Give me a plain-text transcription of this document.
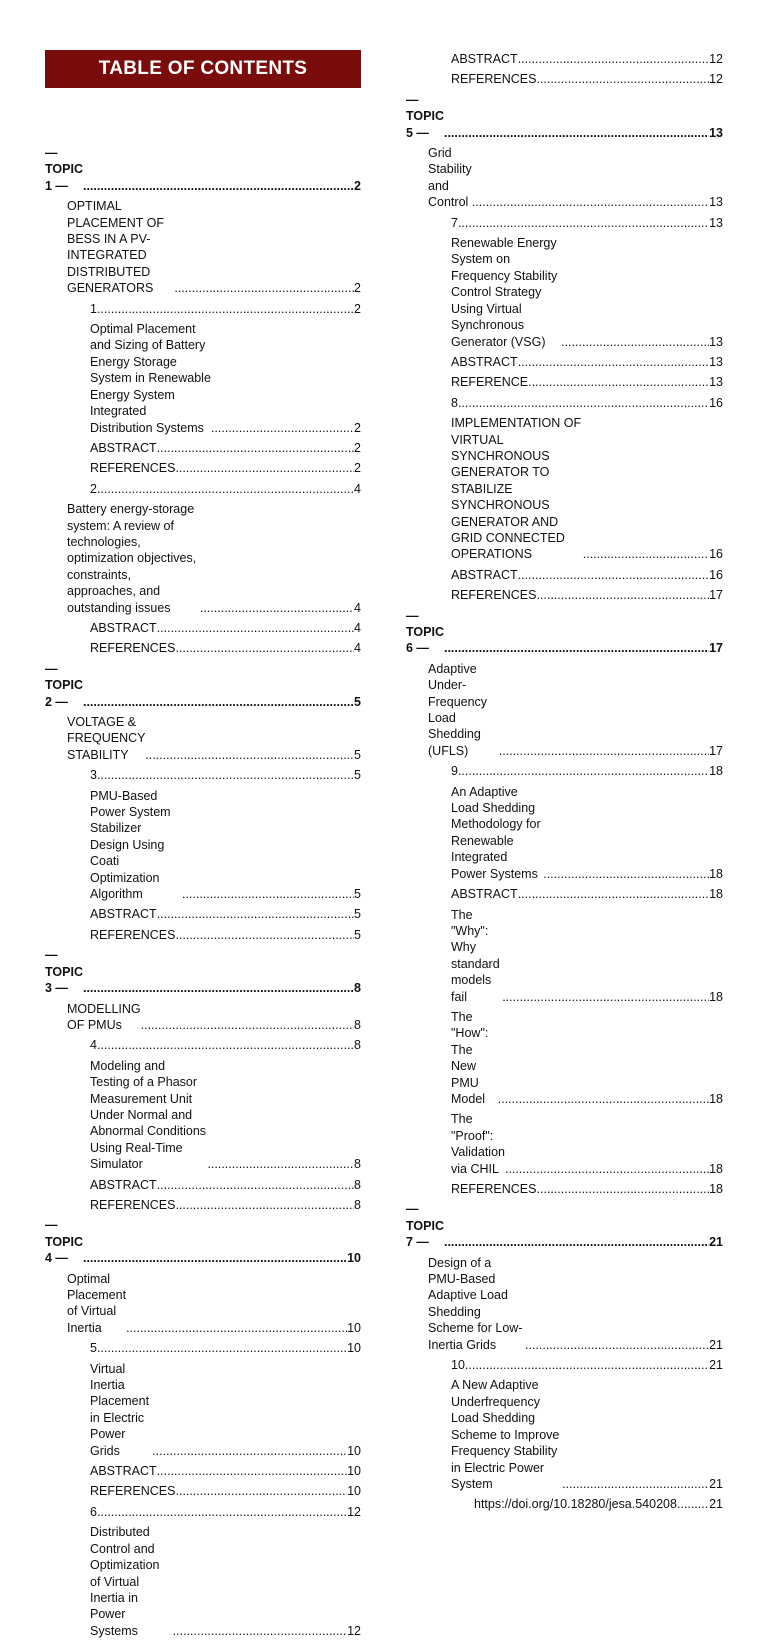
TABLE OF CONTENTS
— TOPIC 1 — .....	2
OPTIMAL PLACEMENT OF BESS IN A PV-INTEGRATED DISTRIBUTED GENERATORS .....	2
1 .....	2
Optimal Placement and Sizing of Battery Energy Storage System in Renewable Energy System Integrated Distribution Systems .....	2
ABSTRACT .....	2
REFERENCES .....	2
2 .....	4
Battery energy-storage system: A review of technologies, optimization objectives, constraints, approaches, and outstanding issues .....	4
ABSTRACT .....	4
REFERENCES .....	4
— TOPIC 2 — .....	5
VOLTAGE & FREQUENCY STABILITY .....	5
3 .....	5
PMU-Based Power System Stabilizer Design Using Coati Optimization Algorithm .....	5
ABSTRACT .....	5
REFERENCES .....	5
— TOPIC 3 — .....	8
MODELLING OF PMUs .....	8
4 .....	8
Modeling and Testing of a Phasor Measurement Unit Under Normal and Abnormal Conditions Using Real-Time Simulator .....	8
ABSTRACT .....	8
REFERENCES .....	8
— TOPIC 4 — .....	10
Optimal Placement of Virtual Inertia .....	10
5 .....	10
Virtual Inertia Placement in Electric Power Grids .....	10
ABSTRACT .....	10
REFERENCES .....	10
6 .....	12
Distributed Control and Optimization of Virtual Inertia in Power Systems .....	12
ABSTRACT .....	12
REFERENCES .....	12
— TOPIC 5 — .....	13
Grid Stability and Control .....	13
7 .....	13
Renewable Energy System on Frequency Stability Control Strategy Using Virtual Synchronous Generator (VSG) .....	13
ABSTRACT .....	13
REFERENCE .....	13
8 .....	16
IMPLEMENTATION OF VIRTUAL SYNCHRONOUS GENERATOR TO STABILIZE SYNCHRONOUS GENERATOR AND GRID CONNECTED OPERATIONS .....	16
ABSTRACT .....	16
REFERENCES .....	17
— TOPIC 6 — .....	17
Adaptive Under-Frequency Load Shedding (UFLS) .....	17
9 .....	18
An Adaptive Load Shedding Methodology for Renewable Integrated Power Systems .....	18
ABSTRACT .....	18
The "Why": Why standard models fail .....	18
The "How": The New PMU Model .....	18
The "Proof": Validation via CHIL .....	18
REFERENCES .....	18
— TOPIC 7 — .....	21
Design of a PMU-Based Adaptive Load Shedding Scheme for Low-Inertia Grids .....	21
10 .....	21
A New Adaptive Underfrequency Load Shedding Scheme to Improve Frequency Stability in Electric Power System .....	21
https://doi.org/10.18280/jesa.540208 .....	21
